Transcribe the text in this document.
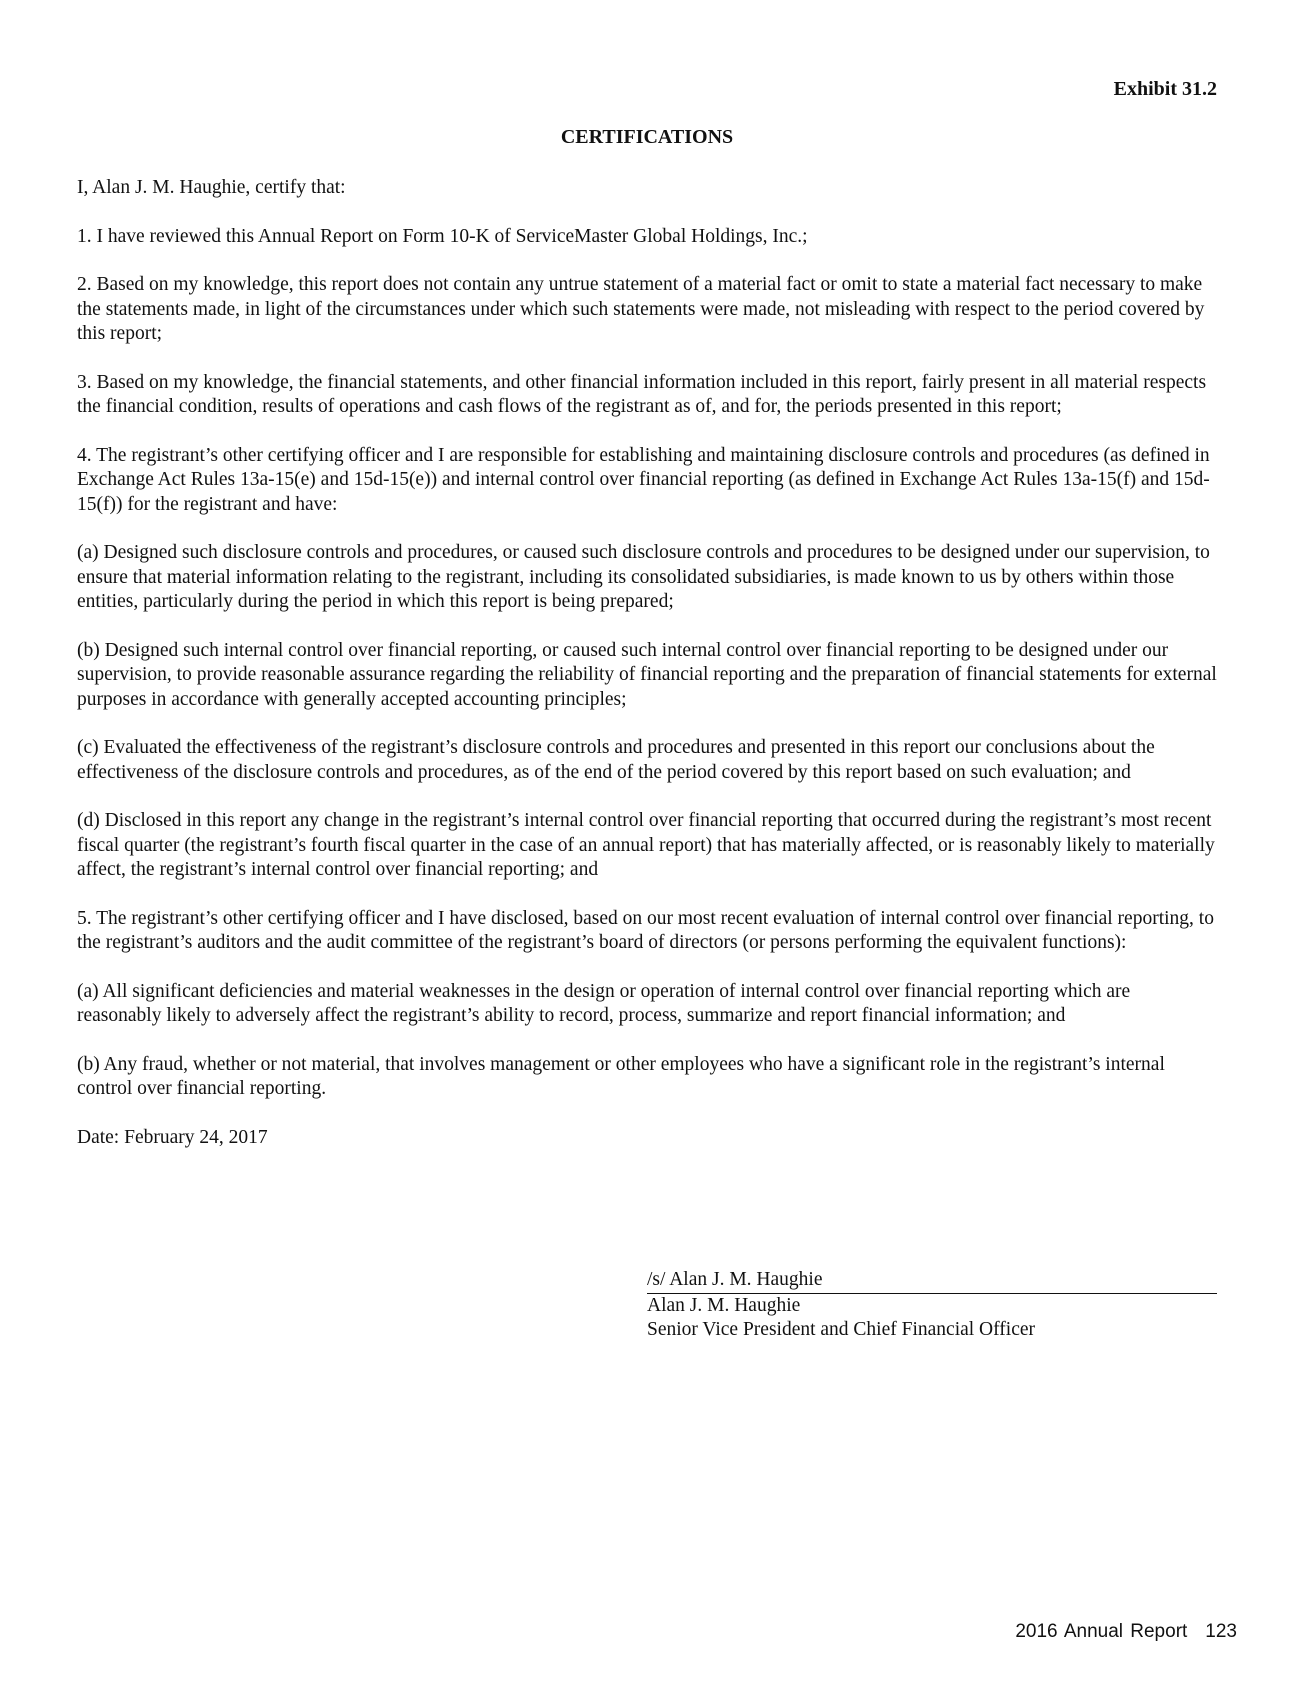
Exhibit 31.2
CERTIFICATIONS

I, Alan J. M. Haughie, certify that:

1. I have reviewed this Annual Report on Form 10-K of ServiceMaster Global Holdings, Inc.;

2. Based on my knowledge, this report does not contain any untrue statement of a material fact or omit to state a material fact necessary to make the statements made, in light of the circumstances under which such statements were made, not misleading with respect to the period covered by this report;

3. Based on my knowledge, the financial statements, and other financial information included in this report, fairly present in all material respects the financial condition, results of operations and cash flows of the registrant as of, and for, the periods presented in this report;

4. The registrant’s other certifying officer and I are responsible for establishing and maintaining disclosure controls and procedures (as defined in Exchange Act Rules 13a-15(e) and 15d-15(e)) and internal control over financial reporting (as defined in Exchange Act Rules 13a-15(f) and 15d-15(f)) for the registrant and have:

(a) Designed such disclosure controls and procedures, or caused such disclosure controls and procedures to be designed under our supervision, to ensure that material information relating to the registrant, including its consolidated subsidiaries, is made known to us by others within those entities, particularly during the period in which this report is being prepared;

(b) Designed such internal control over financial reporting, or caused such internal control over financial reporting to be designed under our supervision, to provide reasonable assurance regarding the reliability of financial reporting and the preparation of financial statements for external purposes in accordance with generally accepted accounting principles;

(c) Evaluated the effectiveness of the registrant’s disclosure controls and procedures and presented in this report our conclusions about the effectiveness of the disclosure controls and procedures, as of the end of the period covered by this report based on such evaluation; and

(d) Disclosed in this report any change in the registrant’s internal control over financial reporting that occurred during the registrant’s most recent fiscal quarter (the registrant’s fourth fiscal quarter in the case of an annual report) that has materially affected, or is reasonably likely to materially affect, the registrant’s internal control over financial reporting; and

5. The registrant’s other certifying officer and I have disclosed, based on our most recent evaluation of internal control over financial reporting, to the registrant’s auditors and the audit committee of the registrant’s board of directors (or persons performing the equivalent functions):

(a) All significant deficiencies and material weaknesses in the design or operation of internal control over financial reporting which are reasonably likely to adversely affect the registrant’s ability to record, process, summarize and report financial information; and

(b) Any fraud, whether or not material, that involves management or other employees who have a significant role in the registrant’s internal control over financial reporting.

Date: February 24, 2017

/s/ Alan J. M. Haughie
Alan J. M. Haughie
Senior Vice President and Chief Financial Officer
2016 Annual Report 123
